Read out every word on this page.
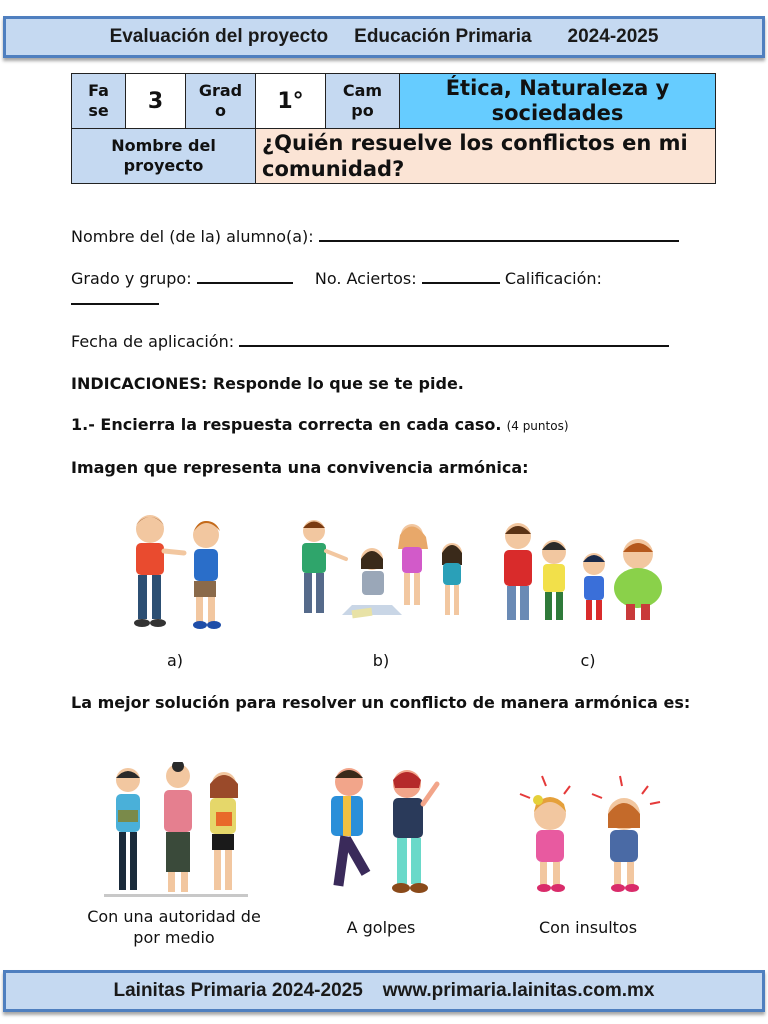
Evaluación del proyecto Educación Primaria 2024-2025
Fase	3	Grado	1°	Campo	Ética, Naturaleza y sociedades

Nombre del proyecto			¿Quién resuelve los conflictos en mi comunidad?		
Nombre del (de la) alumno(a):
Grado y grupo:	No. Aciertos:	Calificación:
Fecha de aplicación:
INDICACIONES: Responde lo que se te pide.
1.- Encierra la respuesta correcta en cada caso. (4 puntos)
Imagen que representa una convivencia armónica:
a)	b)	c)
La mejor solución para resolver un conflicto de manera armónica es:
Con una autoridad de por medio
A golpes	Con insultos
Lainitas Primaria 2024-2025 www.primaria.lainitas.com.mx
